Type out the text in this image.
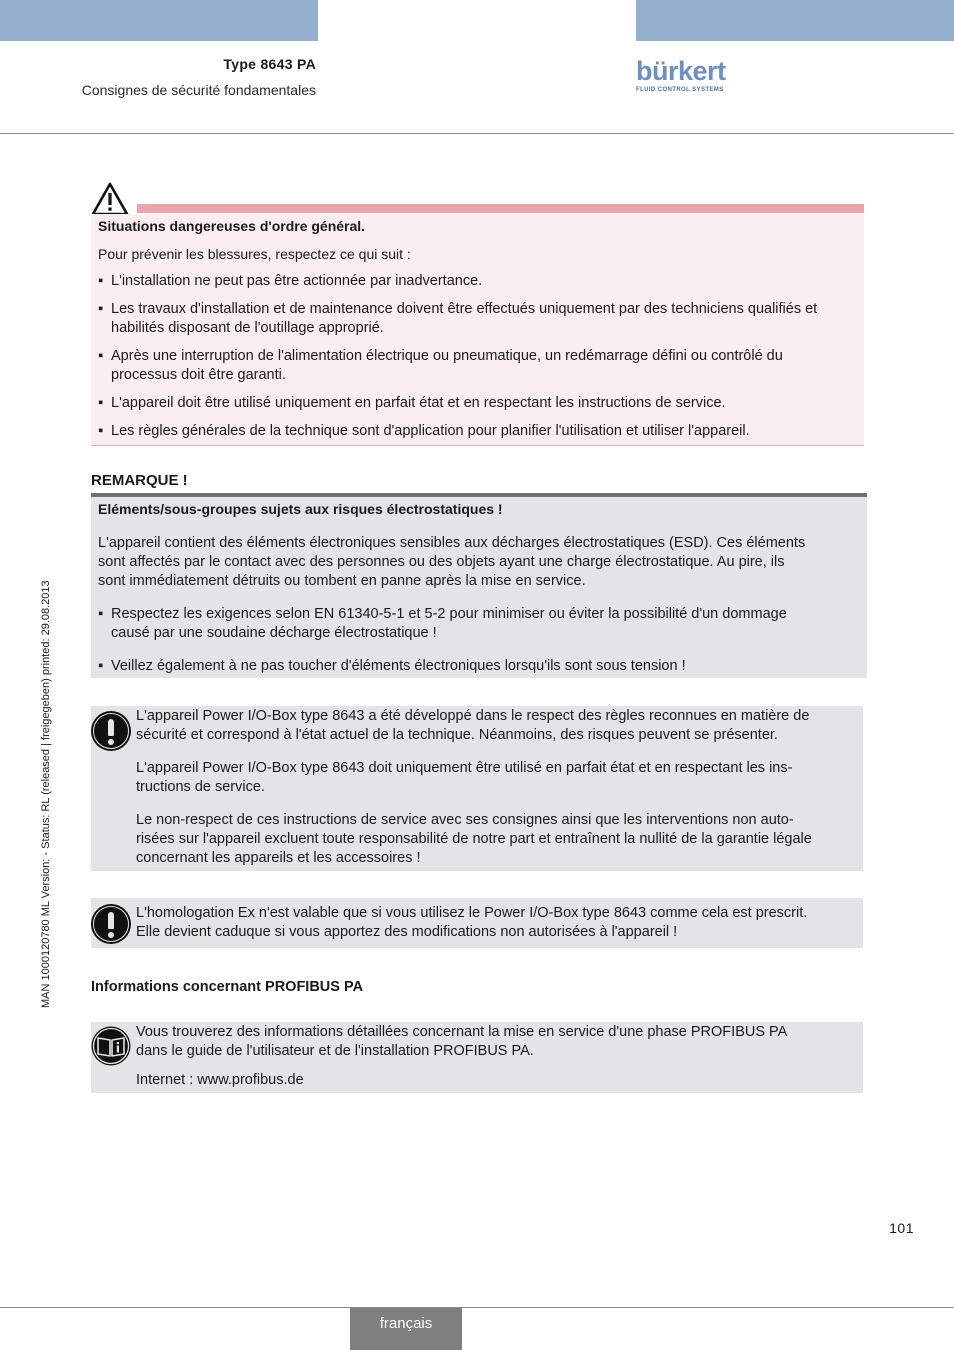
Type 8643 PA
Consignes de sécurité fondamentales
bürkert
FLUID CONTROL SYSTEMS
MAN 1000120780 ML Version: - Status: RL (released | freigegeben) printed: 29.08.2013
Situations dangereuses d'ordre général.
Pour prévenir les blessures, respectez ce qui suit :
▪ L'installation ne peut pas être actionnée par inadvertance.
▪ Les travaux d'installation et de maintenance doivent être effectués uniquement par des techniciens qualifiés et
habilités disposant de l'outillage approprié.
▪ Après une interruption de l'alimentation électrique ou pneumatique, un redémarrage défini ou contrôlé du
processus doit être garanti.
▪ L'appareil doit être utilisé uniquement en parfait état et en respectant les instructions de service.
▪ Les règles générales de la technique sont d'application pour planifier l'utilisation et utiliser l'appareil.
REMARQUE !
Eléments/sous-groupes sujets aux risques électrostatiques !
L'appareil contient des éléments électroniques sensibles aux décharges électrostatiques (ESD). Ces éléments
sont affectés par le contact avec des personnes ou des objets ayant une charge électrostatique. Au pire, ils
sont immédiatement détruits ou tombent en panne après la mise en service.
▪ Respectez les exigences selon EN 61340-5-1 et 5-2 pour minimiser ou éviter la possibilité d'un dommage
causé par une soudaine décharge électrostatique !
▪ Veillez également à ne pas toucher d'éléments électroniques lorsqu'ils sont sous tension !
L'appareil Power I/O-Box type 8643 a été développé dans le respect des règles reconnues en matière de
sécurité et correspond à l'état actuel de la technique. Néanmoins, des risques peuvent se présenter.
L'appareil Power I/O-Box type 8643 doit uniquement être utilisé en parfait état et en respectant les ins-
tructions de service.
Le non-respect de ces instructions de service avec ses consignes ainsi que les interventions non auto-
risées sur l'appareil excluent toute responsabilité de notre part et entraînent la nullité de la garantie légale
concernant les appareils et les accessoires !
L'homologation Ex n'est valable que si vous utilisez le Power I/O-Box type 8643 comme cela est prescrit.
Elle devient caduque si vous apportez des modifications non autorisées à l'appareil !
Informations concernant PROFIBUS PA
Vous trouverez des informations détaillées concernant la mise en service d'une phase PROFIBUS PA
dans le guide de l'utilisateur et de l'installation PROFIBUS PA.
Internet : www.profibus.de
101
français
